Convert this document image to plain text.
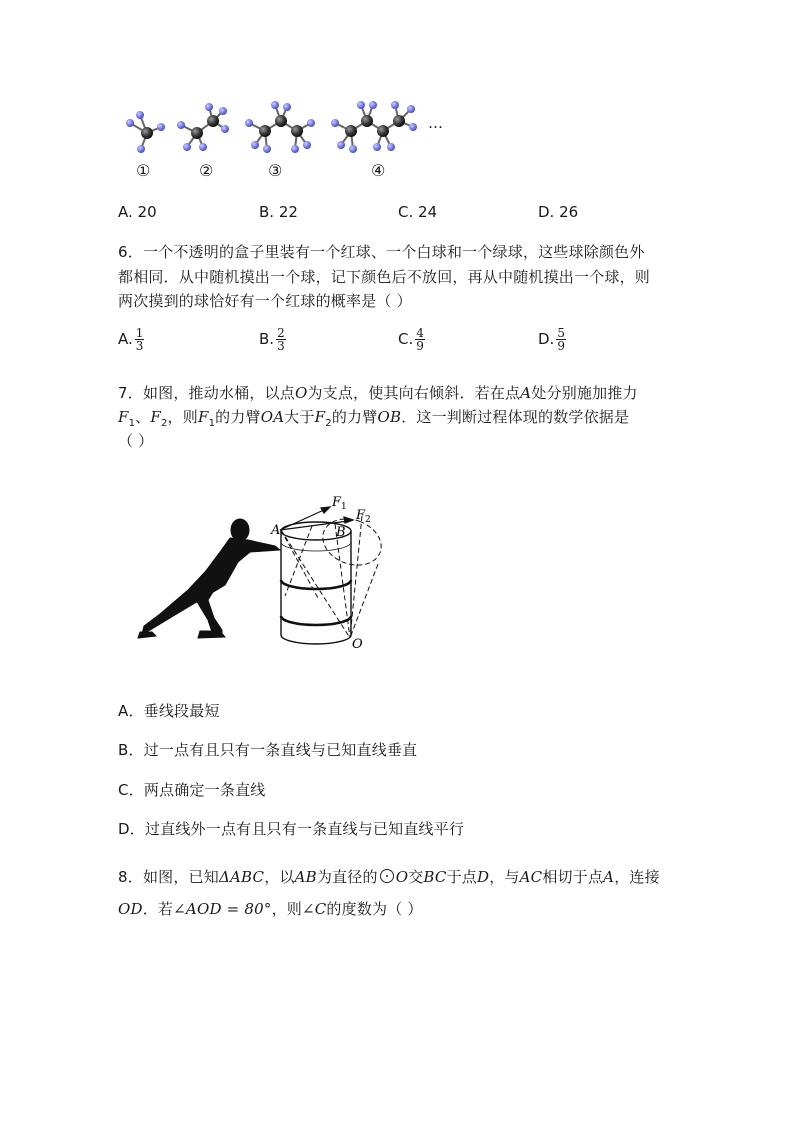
…
①	②	③	④
A. 20	B. 22	C. 24	D. 26
6．一个不透明的盒子里装有一个红球、一个白球和一个绿球，这些球除颜色外
都相同．从中随机摸出一个球，记下颜色后不放回，再从中随机摸出一个球，则
两次摸到的球恰好有一个红球的概率是（ ）
A. $\frac{1}{3}$	B. $\frac{2}{3}$	C. $\frac{4}{9}$	D. $\frac{5}{9}$
7．如图，推动水桶，以点O为支点，使其向右倾斜．若在点A处分别施加推力
$F_1$、$F_2$，则$F_1$的力臂OA大于$F_2$的力臂OB．这一判断过程体现的数学依据是
（ ）
A	B
O
F 1
F 2
A．垂线段最短
B．过一点有且只有一条直线与已知直线垂直
C．两点确定一条直线
D．过直线外一点有且只有一条直线与已知直线平行
8．如图，已知ΔABC，以AB为直径的 O交BC于点D，与AC相切于点A，连接
OD．若∠AOD = 80°，则∠C的度数为（ ）
